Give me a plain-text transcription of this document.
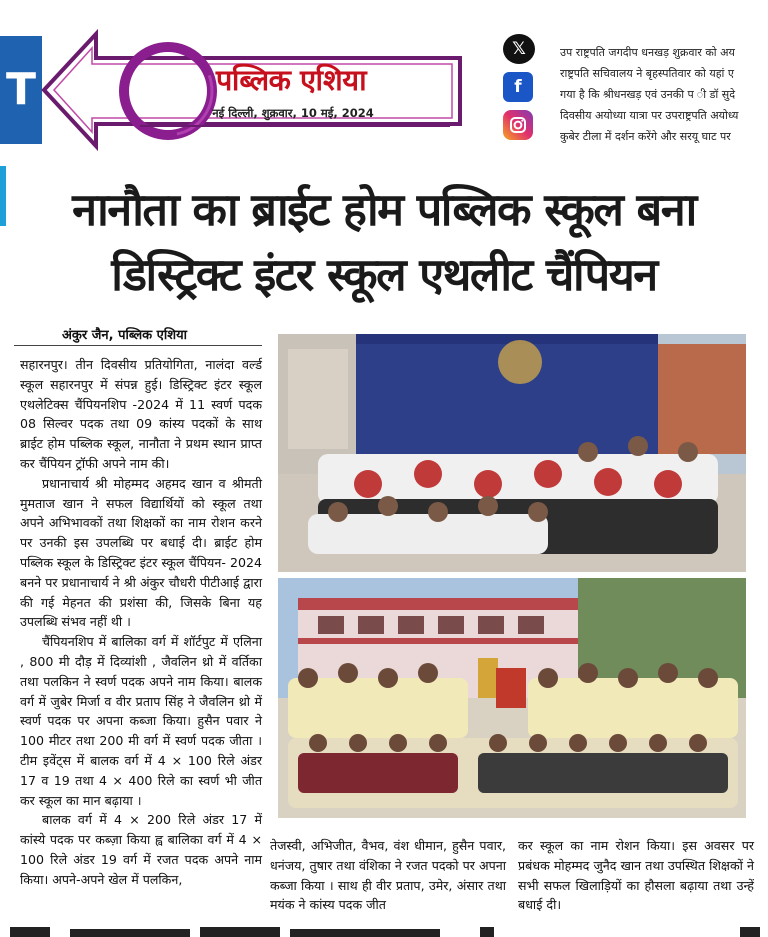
T	पब्लिक एशिया
नई दिल्ली, शुक्रवार, 10 मई, 2024
𝕏
f
उप राष्ट्रपति जगदीप धनखड़ शुक्रवार को अय
राष्ट्रपति सचिवालय ने बृहस्पतिवार को यहां ए
गया है कि श्रीधनखड़ एवं उनकी प ी डॉ सुदे
दिवसीय अयोध्या यात्रा पर उपराष्ट्रपति अयोध्य
कुबेर टीला में दर्शन करेंगे और सरयू घाट पर
नानौता का ब्राईट होम पब्लिक स्कूल बना
डिस्ट्रिक्ट इंटर स्कूल एथलीट चैंपियन
अंकुर जैन, पब्लिक एशिया

सहारनपुर। तीन दिवसीय प्रतियोगिता, नालंदा वर्ल्ड स्कूल सहारनपुर में संपन्न हुई। डिस्ट्रिक्ट इंटर स्कूल एथलेटिक्स चैंपियनशिप -2024 में 11 स्वर्ण पदक 08 सिल्वर पदक तथा 09 कांस्य पदकों के साथ ब्राईट होम पब्लिक स्कूल, नानौता ने प्रथम स्थान प्राप्त कर चैंपियन ट्रॉफी अपने नाम की।

प्रधानाचार्य श्री मोहम्मद अहमद खान व श्रीमती मुमताज खान ने सफल विद्यार्थियों को स्कूल तथा अपने अभिभावकों तथा शिक्षकों का नाम रोशन करने पर उनकी इस उपलब्धि पर बधाई दी। ब्राईट होम पब्लिक स्कूल के डिस्ट्रिक्ट इंटर स्कूल चैंपियन- 2024 बनने पर प्रधानाचार्य ने श्री अंकुर चौधरी पीटीआई द्वारा की गई मेहनत की प्रशंसा की, जिसके बिना यह उपलब्धि संभव नहीं थी ।

चैंपियनशिप में बालिका वर्ग में शॉर्टपुट में एलिना , 800 मी दौड़ में दिव्यांशी , जैवलिन थ्रो में वर्तिका तथा पलकिन ने स्वर्ण पदक अपने नाम किया। बालक वर्ग में जुबेर मिर्जा व वीर प्रताप सिंह ने जैवलिन थ्रो में स्वर्ण पदक पर अपना कब्जा किया। हुसैन पवार ने 100 मीटर तथा 200 मी वर्ग में स्वर्ण पदक जीता । टीम इवेंट्स में बालक वर्ग में 4 × 100 रिले अंडर 17 व 19 तथा 4 × 400 रिले का स्वर्ण भी जीत कर स्कूल का मान बढ़ाया ।

बालक वर्ग में 4 × 200 रिले अंडर 17 में कांस्ये पदक पर कब्ज़ा किया ह्व बालिका वर्ग में 4 × 100 रिले अंडर 19 वर्ग में रजत पदक अपने नाम किया। अपने-अपने खेल में पलकिन,

तेजस्वी, अभिजीत, वैभव, वंश धीमान, हुसैन पवार, धनंजय, तुषार तथा वंशिका ने रजत पदको पर अपना कब्जा किया । साथ ही वीर प्रताप, उमेर, अंसार तथा मयंक ने कांस्य पदक जीत

कर स्कूल का नाम रोशन किया। इस अवसर पर प्रबंधक मोहम्मद जुनैद खान तथा उपस्थित शिक्षकों ने सभी सफल खिलाड़ियों का हौसला बढ़ाया तथा उन्हें बधाई दी।
